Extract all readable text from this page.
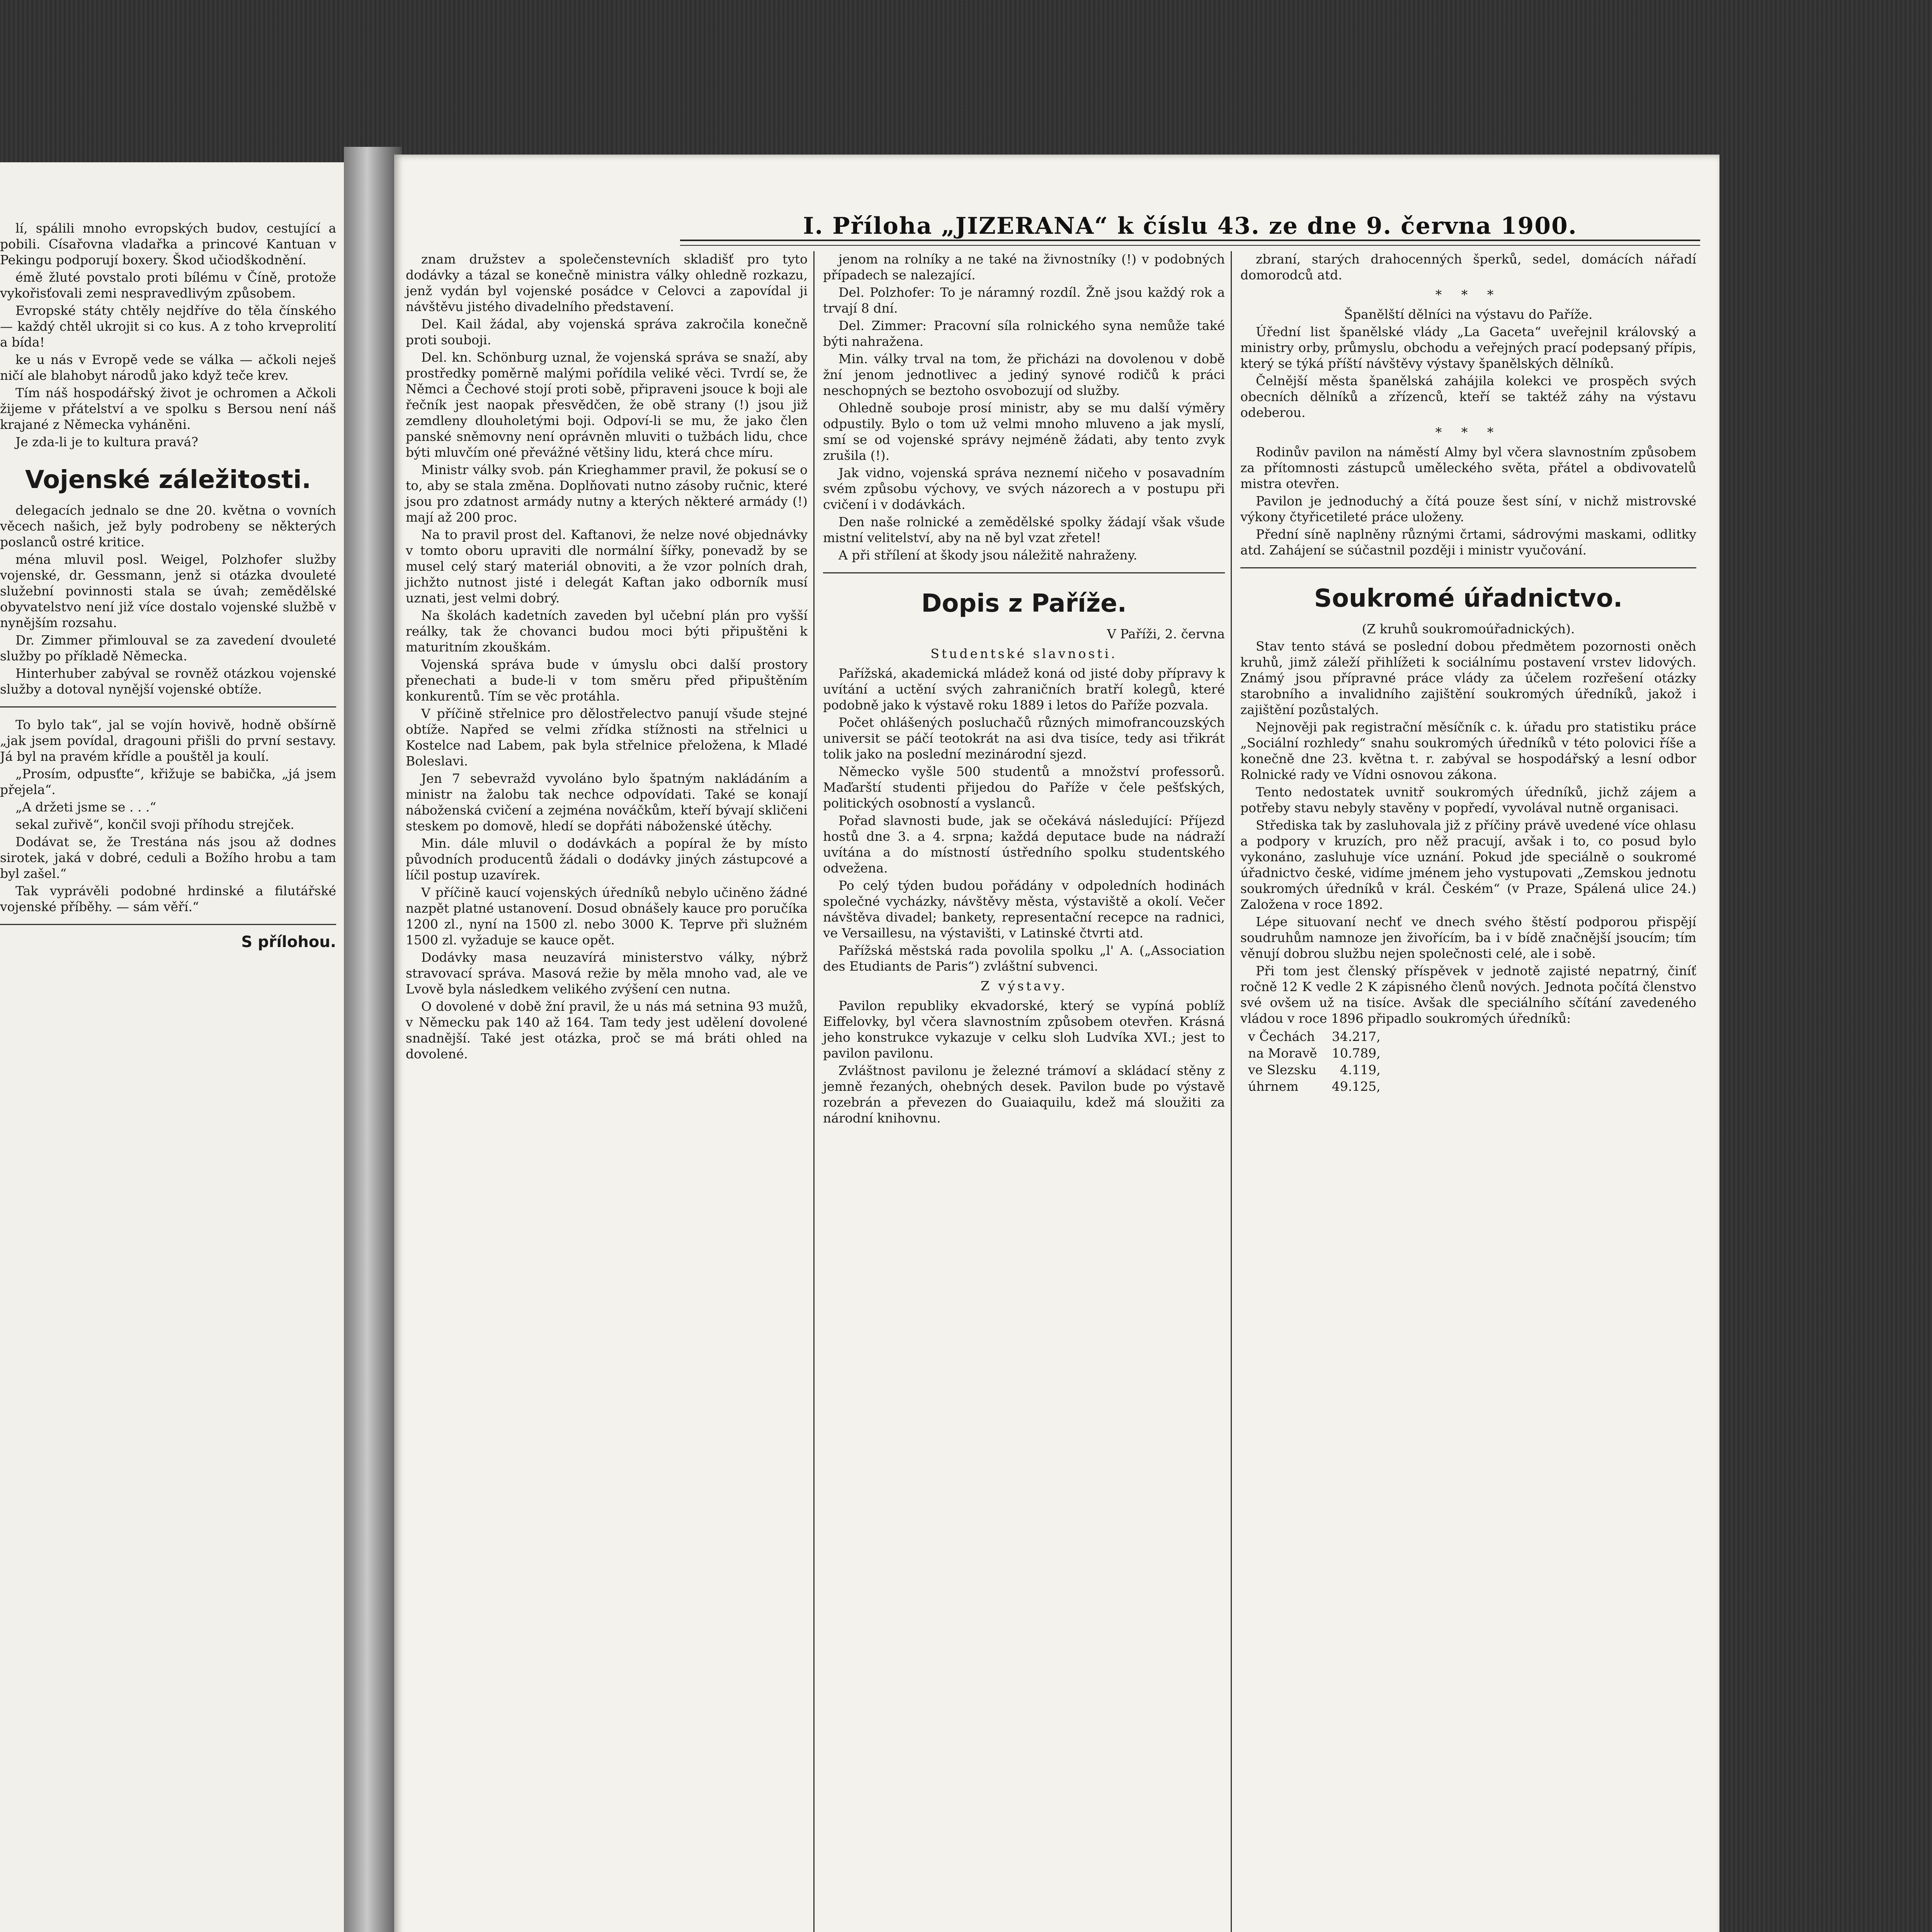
lí, spálili mnoho evropských budov, cestující a pobili. Císařovna vladařka a princové Kantuan v Pekingu podporují boxery. Škod učiodškodnění.

émě žluté povstalo proti bílému v Číně, protože vykořisťovali zemi nespravedlivým způsobem.

Evropské státy chtěly nejdříve do těla čínského — každý chtěl ukrojit si co kus. A z toho krveprolití a bída!

ke u nás v Evropě vede se válka — ačkoli neješ ničí ale blahobyt národů jako když teče krev.

Tím náš hospodářský život je ochromen a Ačkoli žijeme v přátelství a ve spolku s Bersou není náš krajané z Německa vyháněni.

Je zda-li je to kultura pravá?

Vojenské záležitosti.

delegacích jednalo se dne 20. května o vovních věcech našich, jež byly podrobeny se některých poslanců ostré kritice.

ména mluvil posl. Weigel, Polzhofer služby vojenské, dr. Gessmann, jenž si otázka dvouleté služební povinnosti stala se úvah; zemědělské obyvatelstvo není již více dostalo vojenské službě v nynějším rozsahu.

Dr. Zimmer přimlouval se za zavedení dvouleté služby po příkladě Německa.

Hinterhuber zabýval se rovněž otázkou vojenské služby a dotoval nynější vojenské obtíže.

To bylo tak“, jal se vojín hovivě, hodně obšírně „jak jsem povídal, dragouni přišli do první sestavy. Já byl na pravém křídle a pouštěl ja koulí.

„Prosím, odpusťte“, křižuje se babička, „já jsem přejela“.

„A držeti jsme se . . .“

sekal zuřivě“, končil svoji příhodu strejček.

Dodávat se, že Trestána nás jsou až dodnes sirotek, jaká v dobré, ceduli a Božího hrobu a tam byl zašel.“

Tak vyprávěli podobné hrdinské a filutářské vojenské příběhy. — sám věří.“

S přílohou.
I. Příloha „JIZERANA“ k číslu 43. ze dne 9. června 1900.

znam družstev a společenstevních skladišť pro tyto dodávky a tázal se konečně ministra války ohledně rozkazu, jenž vydán byl vojenské posádce v Celovci a zapovídal ji návštěvu jistého divadelního představení.

Del. Kail žádal, aby vojenská správa zakročila konečně proti souboji.

Del. kn. Schönburg uznal, že vojenská správa se snaží, aby prostředky poměrně malými pořídila veliké věci. Tvrdí se, že Němci a Čechové stojí proti sobě, připraveni jsouce k boji ale řečník jest naopak přesvědčen, že obě strany (!) jsou již zemdleny dlouholetými boji. Odpoví-li se mu, že jako člen panské sněmovny není oprávněn mluviti o tužbách lidu, chce býti mluvčím oné převážné většiny lidu, která chce míru.

Ministr války svob. pán Krieghammer pravil, že pokusí se o to, aby se stala změna. Doplňovati nutno zásoby ručnic, které jsou pro zdatnost armády nutny a kterých některé armády (!) mají až 200 proc.

Na to pravil prost del. Kaftanovi, že nelze nové objednávky v tomto oboru upraviti dle normální šířky, ponevadž by se musel celý starý materiál obnoviti, a že vzor polních drah, jichžto nutnost jisté i delegát Kaftan jako odborník musí uznati, jest velmi dobrý.

Na školách kadetních zaveden byl učební plán pro vyšší reálky, tak že chovanci budou moci býti připuštěni k maturitním zkouškám.

Vojenská správa bude v úmyslu obci další prostory přenechati a bude-li v tom směru před připuštěním konkurentů. Tím se věc protáhla.

V příčině střelnice pro dělostřelectvo panují všude stejné obtíže. Napřed se velmi zřídka stížnosti na střelnici u Kostelce nad Labem, pak byla střelnice přeložena, k Mladé Boleslavi.

Jen 7 sebevražd vyvoláno bylo špatným nakládáním a ministr na žalobu tak nechce odpovídati. Také se konají náboženská cvičení a zejména nováčkům, kteří bývají skličeni steskem po domově, hledí se dopřáti náboženské útěchy.

Min. dále mluvil o dodávkách a popíral že by místo původních producentů žádali o dodávky jiných zástupcové a líčil postup uzavírek.

V příčině kaucí vojenských úředníků nebylo učiněno žádné nazpět platné ustanovení. Dosud obnášely kauce pro poručíka 1200 zl., nyní na 1500 zl. nebo 3000 K. Teprve při služném 1500 zl. vyžaduje se kauce opět.

Dodávky masa neuzavírá ministerstvo války, nýbrž stravovací správa. Masová režie by měla mnoho vad, ale ve Lvově byla následkem velikého zvýšení cen nutna.

O dovolené v době žní pravil, že u nás má setnina 93 mužů, v Německu pak 140 až 164. Tam tedy jest udělení dovolené snadnější. Také jest otázka, proč se má bráti ohled na dovolené.

jenom na rolníky a ne také na živnostníky (!) v podobných případech se nalezající.

Del. Polzhofer: To je náramný rozdíl. Žně jsou každý rok a trvají 8 dní.

Del. Zimmer: Pracovní síla rolnického syna nemůže také býti nahražena.

Min. války trval na tom, že přicházi na dovolenou v době žní jenom jednotlivec a jediný synové rodičů k práci neschopných se beztoho osvobozují od služby.

Ohledně souboje prosí ministr, aby se mu další výměry odpustily. Bylo o tom už velmi mnoho mluveno a jak myslí, smí se od vojenské správy nejméně žádati, aby tento zvyk zrušila (!).

Jak vidno, vojenská správa neznemí ničeho v posavadním svém způsobu výchovy, ve svých názorech a v postupu při cvičení i v dodávkách.

Den naše rolnické a zemědělské spolky žádají však všude mistní velitelství, aby na ně byl vzat zřetel!

A při střílení at škody jsou náležitě nahraženy.

Dopis z Paříže.

V Paříži, 2. června

Studentské slavnosti.

Pařížská, akademická mládež koná od jisté doby přípravy k uvítání a uctění svých zahraničních bratří kolegů, které podobně jako k výstavě roku 1889 i letos do Paříže pozvala.

Počet ohlášených posluchačů různých mimofrancouzských universit se páčí teotokrát na asi dva tisíce, tedy asi třikrát tolik jako na poslední mezinárodní sjezd.

Německo vyšle 500 studentů a množství professorů. Maďarští studenti přijedou do Paříže v čele pešťských, politických osobností a vyslanců.

Pořad slavnosti bude, jak se očekává následující: Příjezd hostů dne 3. a 4. srpna; každá deputace bude na nádraží uvítána a do místností ústředního spolku studentského odvežena.

Po celý týden budou pořádány v odpoledních hodinách společné vycházky, návštěvy města, výstaviště a okolí. Večer návštěva divadel; bankety, representační recepce na radnici, ve Versaillesu, na výstavišti, v Latinské čtvrti atd.

Pařížská městská rada povolila spolku „l' A. („Association des Etudiants de Paris“) zvláštní subvenci.

Z výstavy.

Pavilon republiky ekvadorské, který se vypíná poblíž Eiffelovky, byl včera slavnostním způsobem otevřen. Krásná jeho konstrukce vykazuje v celku sloh Ludvíka XVI.; jest to pavilon pavilonu.

Zvláštnost pavilonu je železné trámoví a skládací stěny z jemně řezaných, ohebných desek. Pavilon bude po výstavě rozebrán a převezen do Guaiaquilu, kdež má sloužiti za národní knihovnu.

zbraní, starých drahocenných šperků, sedel, domácích nářadí domorodců atd.

* * *

Španělští dělníci na výstavu do Paříže.

Úřední list španělské vlády „La Gaceta“ uveřejnil královský a ministry orby, průmyslu, obchodu a veřejných prací podepsaný přípis, který se týká příští návštěvy výstavy španělských dělníků.

Čelnější města španělská zahájila kolekci ve prospěch svých obecních dělníků a zřízenců, kteří se taktéž záhy na výstavu odeberou.

* * *

Rodinův pavilon na náměstí Almy byl včera slavnostním způsobem za přítomnosti zástupců uměleckého světa, přátel a obdivovatelů mistra otevřen.

Pavilon je jednoduchý a čítá pouze šest síní, v nichž mistrovské výkony čtyřicetileté práce uloženy.

Přední síně naplněny různými črtami, sádrovými maskami, odlitky atd. Zahájení se súčastnil později i ministr vyučování.

Soukromé úřadnictvo.

(Z kruhů soukromoúřadnických).

Stav tento stává se poslední dobou předmětem pozornosti oněch kruhů, jimž záleží přihlížeti k sociálnímu postavení vrstev lidových. Známý jsou přípravné práce vlády za účelem rozřešení otázky starobního a invalidního zajištění soukromých úředníků, jakož i zajištění pozůstalých.

Nejnověji pak registrační měsíčník c. k. úřadu pro statistiku práce „Sociální rozhledy“ snahu soukromých úředníků v této polovici říše a konečně dne 23. května t. r. zabýval se hospodářský a lesní odbor Rolnické rady ve Vídni osnovou zákona.

Tento nedostatek uvnitř soukromých úředníků, jichž zájem a potřeby stavu nebyly stavěny v popředí, vyvolával nutně organisaci.

Střediska tak by zasluhovala již z příčiny právě uvedené více ohlasu a podpory v kruzích, pro něž pracují, avšak i to, co posud bylo vykonáno, zasluhuje více uznání. Pokud jde speciálně o soukromé úřadnictvo české, vidíme jménem jeho vystupovati „Zemskou jednotu soukromých úředníků v král. Českém“ (v Praze, Spálená ulice 24.) Založena v roce 1892.

Lépe situovaní nechť ve dnech svého štěstí podporou přispějí soudruhům namnoze jen živořícím, ba i v bídě značnější jsoucím; tím věnují dobrou službu nejen společnosti celé, ale i sobě.

Při tom jest členský příspěvek v jednotě zajisté nepatrný, činíť ročně 12 K vedle 2 K zápisného členů nových. Jednota počítá členstvo své ovšem už na tisíce. Avšak dle speciálního sčítání zavedeného vládou v roce 1896 připadlo soukromých úředníků:

v Čechách	34.217,
na Moravě	10.789,
ve Slezsku	4.119,
úhrnem	49.125,
